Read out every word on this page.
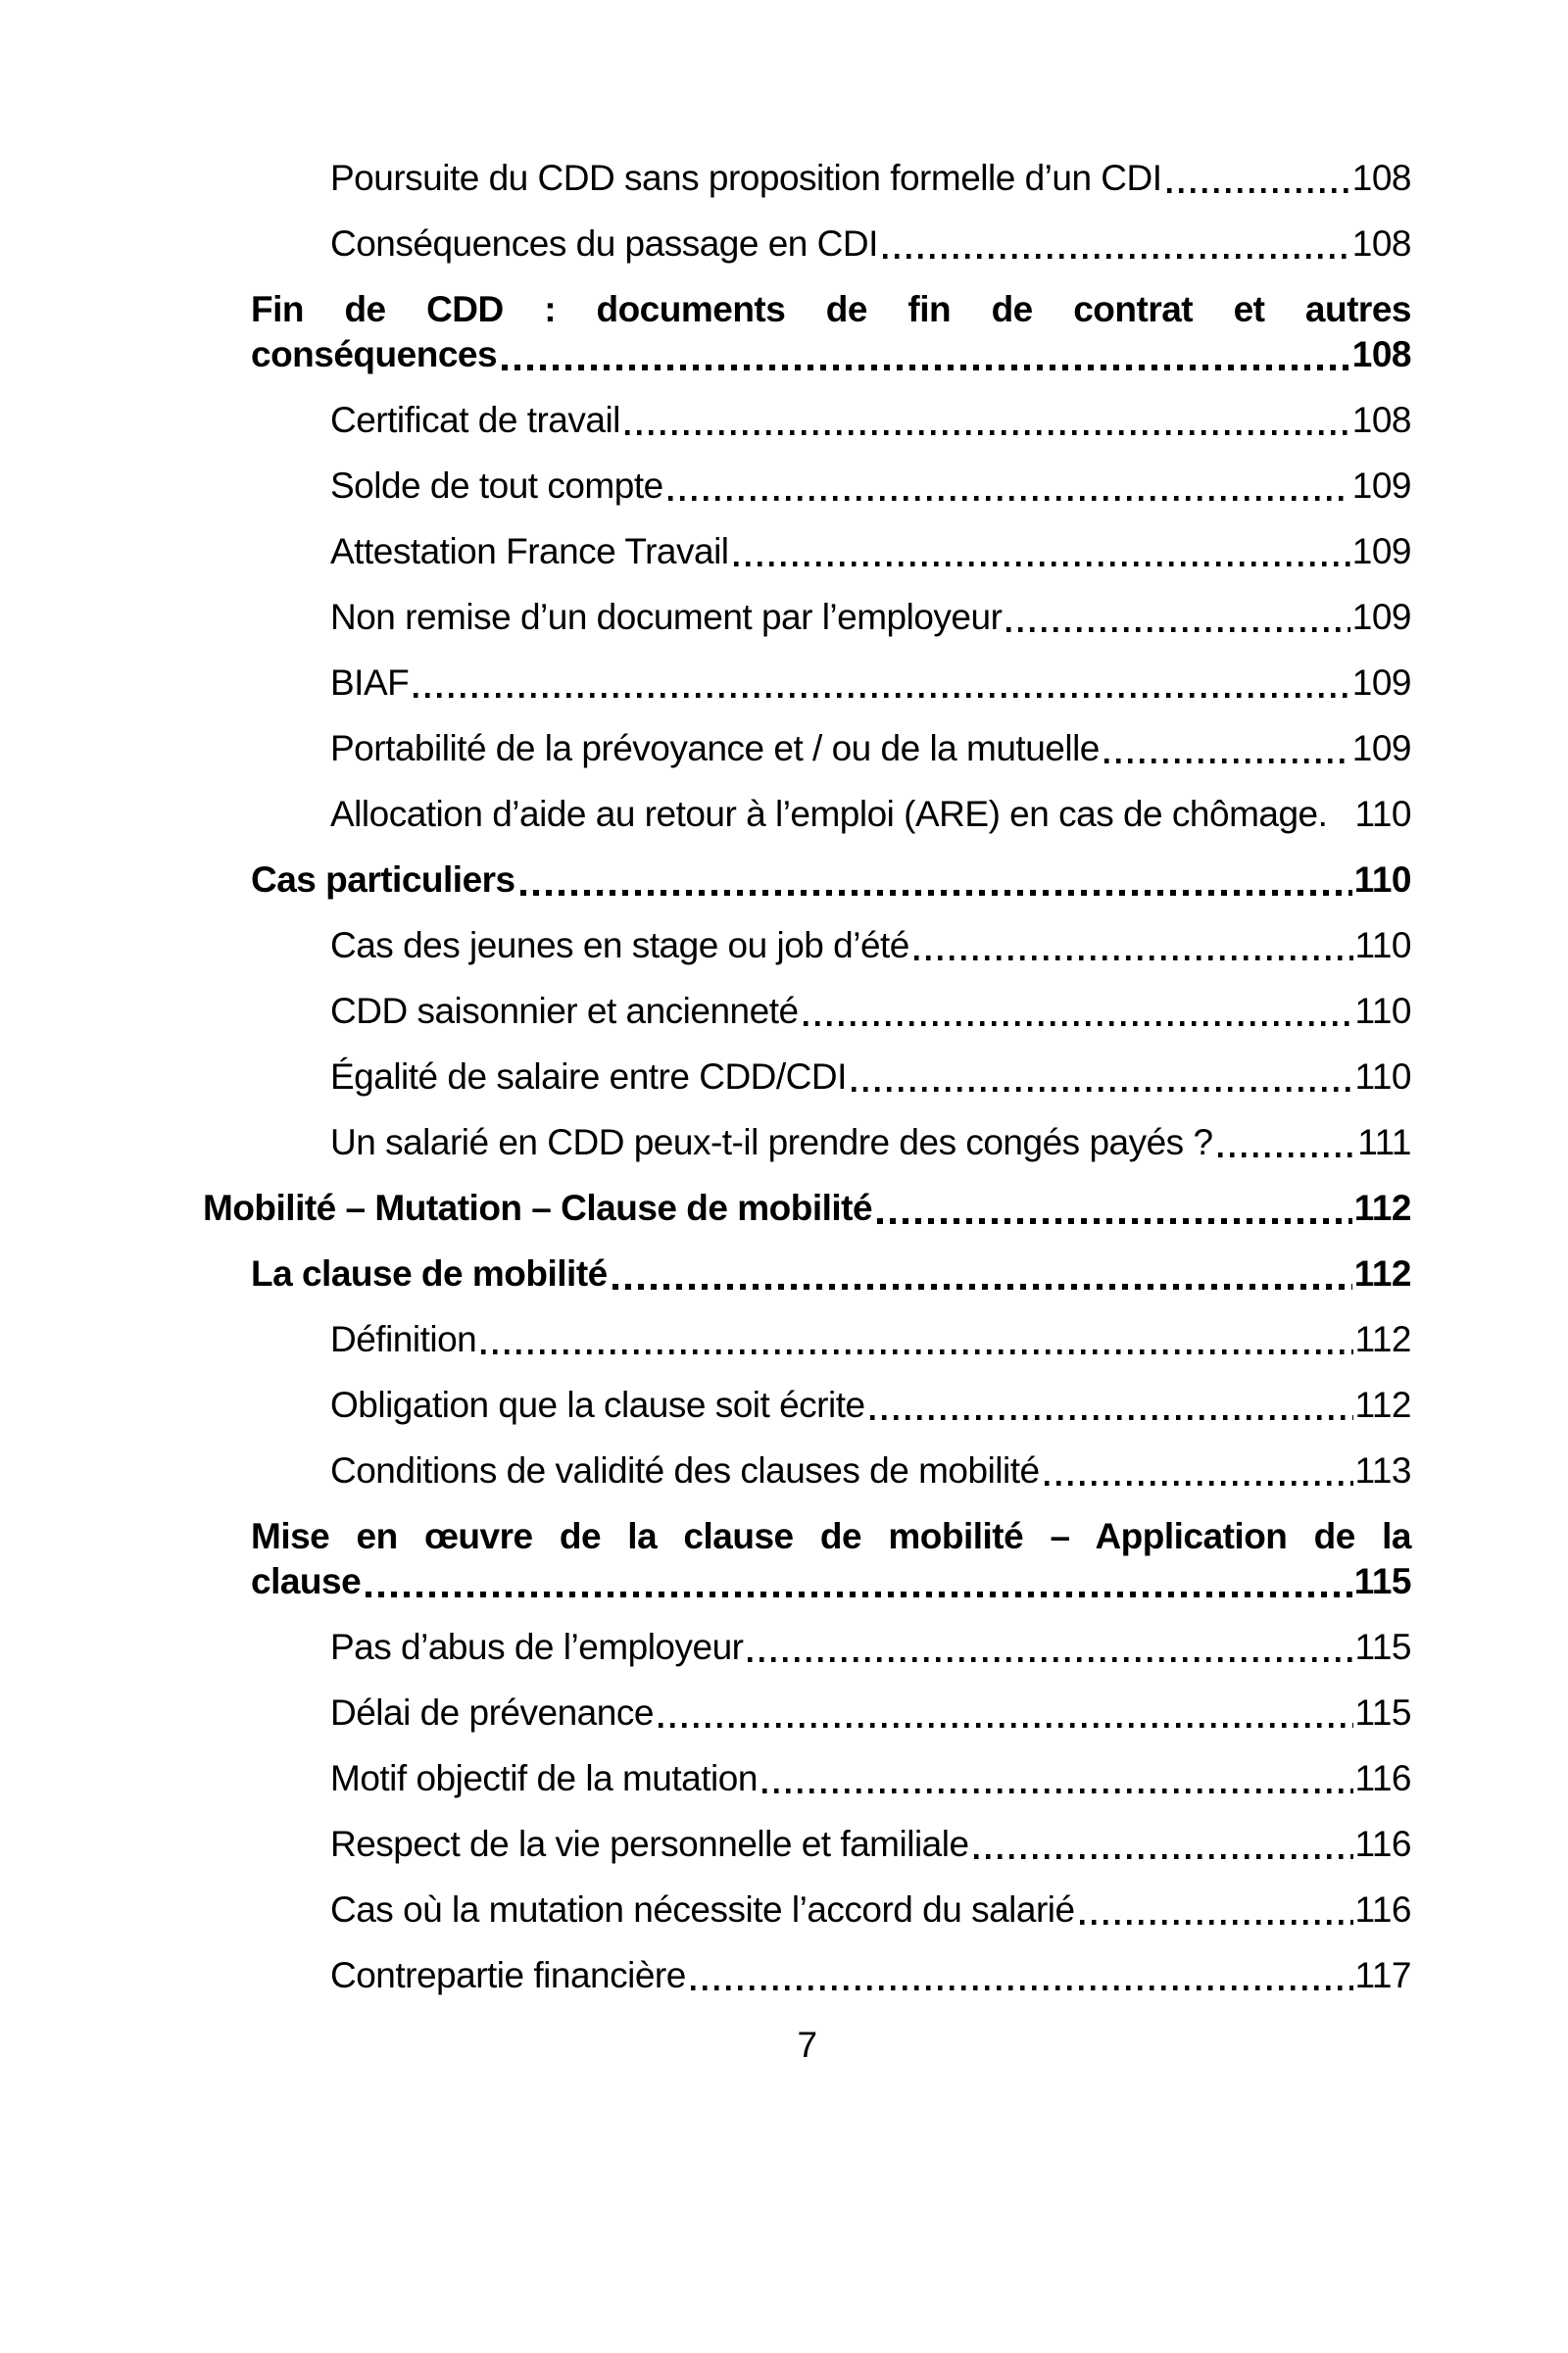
Poursuite du CDD sans proposition formelle d’un CDI	108
Conséquences du passage en CDI	108
Fin de CDD : documents de fin de contrat et autres
conséquences	108
Certificat de travail	108
Solde de tout compte	109
Attestation France Travail	109
Non remise d’un document par l’employeur	109
BIAF	109
Portabilité de la prévoyance et / ou de la mutuelle	109
Allocation d’aide au retour à l’emploi (ARE) en cas de chômage. 110
Cas particuliers	110
Cas des jeunes en stage ou job d’été	110
CDD saisonnier et ancienneté	110
Égalité de salaire entre CDD/CDI	110
Un salarié en CDD peux-t-il prendre des congés payés ?	111
Mobilité – Mutation – Clause de mobilité	112
La clause de mobilité	112
Définition	112
Obligation que la clause soit écrite	112
Conditions de validité des clauses de mobilité	113
Mise en œuvre de la clause de mobilité – Application de la
clause	115
Pas d’abus de l’employeur	115
Délai de prévenance	115
Motif objectif de la mutation	116
Respect de la vie personnelle et familiale	116
Cas où la mutation nécessite l’accord du salarié	116
Contrepartie financière	117
7
